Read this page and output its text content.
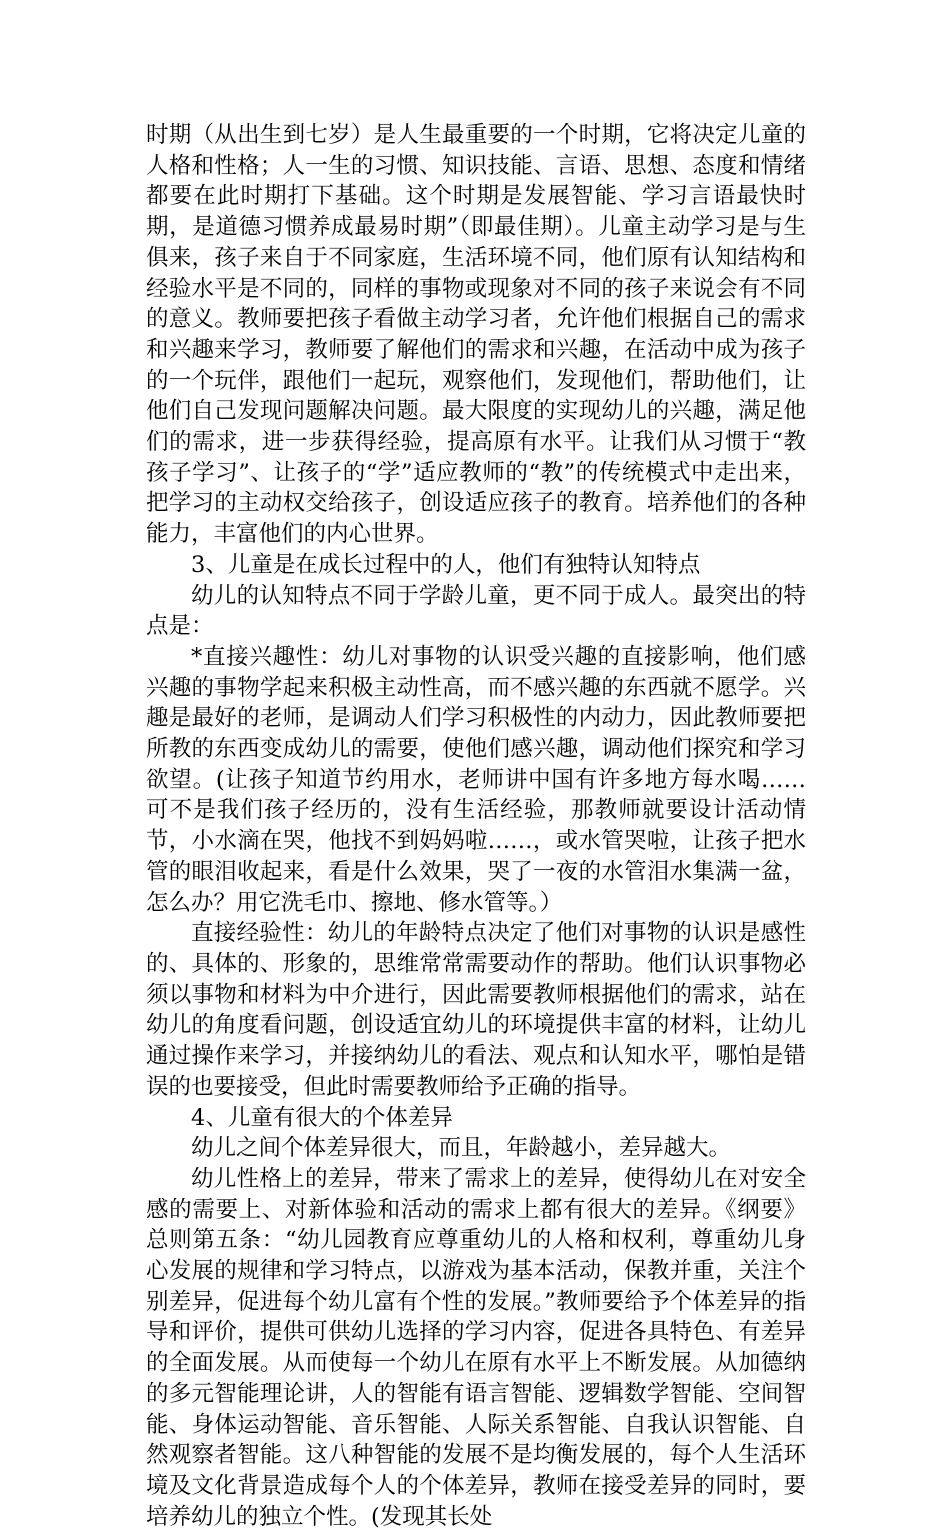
时期（从出生到七岁）是人生最重要的一个时期，它将决定儿童的人格和性格；人一生的习惯、知识技能、言语、思想、态度和情绪都要在此时期打下基础。这个时期是发展智能、学习言语最快时期，是道德习惯养成最易时期”（即最佳期）。儿童主动学习是与生俱来，孩子来自于不同家庭，生活环境不同，他们原有认知结构和经验水平是不同的，同样的事物或现象对不同的孩子来说会有不同的意义。教师要把孩子看做主动学习者，允许他们根据自己的需求和兴趣来学习，教师要了解他们的需求和兴趣，在活动中成为孩子的一个玩伴，跟他们一起玩，观察他们，发现他们，帮助他们，让他们自己发现问题解决问题。最大限度的实现幼儿的兴趣，满足他们的需求，进一步获得经验，提高原有水平。让我们从习惯于“教孩子学习”、让孩子的“学”适应教师的“教”的传统模式中走出来，把学习的主动权交给孩子，创设适应孩子的教育。培养他们的各种能力，丰富他们的内心世界。

3、儿童是在成长过程中的人，他们有独特认知特点

幼儿的认知特点不同于学龄儿童，更不同于成人。最突出的特点是：

*直接兴趣性：幼儿对事物的认识受兴趣的直接影响，他们感兴趣的事物学起来积极主动性高，而不感兴趣的东西就不愿学。兴趣是最好的老师，是调动人们学习积极性的内动力，因此教师要把所教的东西变成幼儿的需要，使他们感兴趣，调动他们探究和学习欲望。(让孩子知道节约用水，老师讲中国有许多地方每水喝……可不是我们孩子经历的，没有生活经验，那教师就要设计活动情节，小水滴在哭，他找不到妈妈啦……，或水管哭啦，让孩子把水管的眼泪收起来，看是什么效果，哭了一夜的水管泪水集满一盆，怎么办？用它洗毛巾、擦地、修水管等。）

直接经验性：幼儿的年龄特点决定了他们对事物的认识是感性的、具体的、形象的，思维常常需要动作的帮助。他们认识事物必须以事物和材料为中介进行，因此需要教师根据他们的需求，站在幼儿的角度看问题，创设适宜幼儿的环境提供丰富的材料，让幼儿通过操作来学习，并接纳幼儿的看法、观点和认知水平，哪怕是错误的也要接受，但此时需要教师给予正确的指导。

4、儿童有很大的个体差异

幼儿之间个体差异很大，而且，年龄越小，差异越大。

幼儿性格上的差异，带来了需求上的差异，使得幼儿在对安全感的需要上、对新体验和活动的需求上都有很大的差异。《纲要》总则第五条：“幼儿园教育应尊重幼儿的人格和权利，尊重幼儿身心发展的规律和学习特点，以游戏为基本活动，保教并重，关注个别差异，促进每个幼儿富有个性的发展。”教师要给予个体差异的指导和评价，提供可供幼儿选择的学习内容，促进各具特色、有差异的全面发展。从而使每一个幼儿在原有水平上不断发展。从加德纳的多元智能理论讲，人的智能有语言智能、逻辑数学智能、空间智能、身体运动智能、音乐智能、人际关系智能、自我认识智能、自然观察者智能。这八种智能的发展不是均衡发展的，每个人生活环境及文化背景造成每个人的个体差异，教师在接受差异的同时，要培养幼儿的独立个性。(发现其长处
